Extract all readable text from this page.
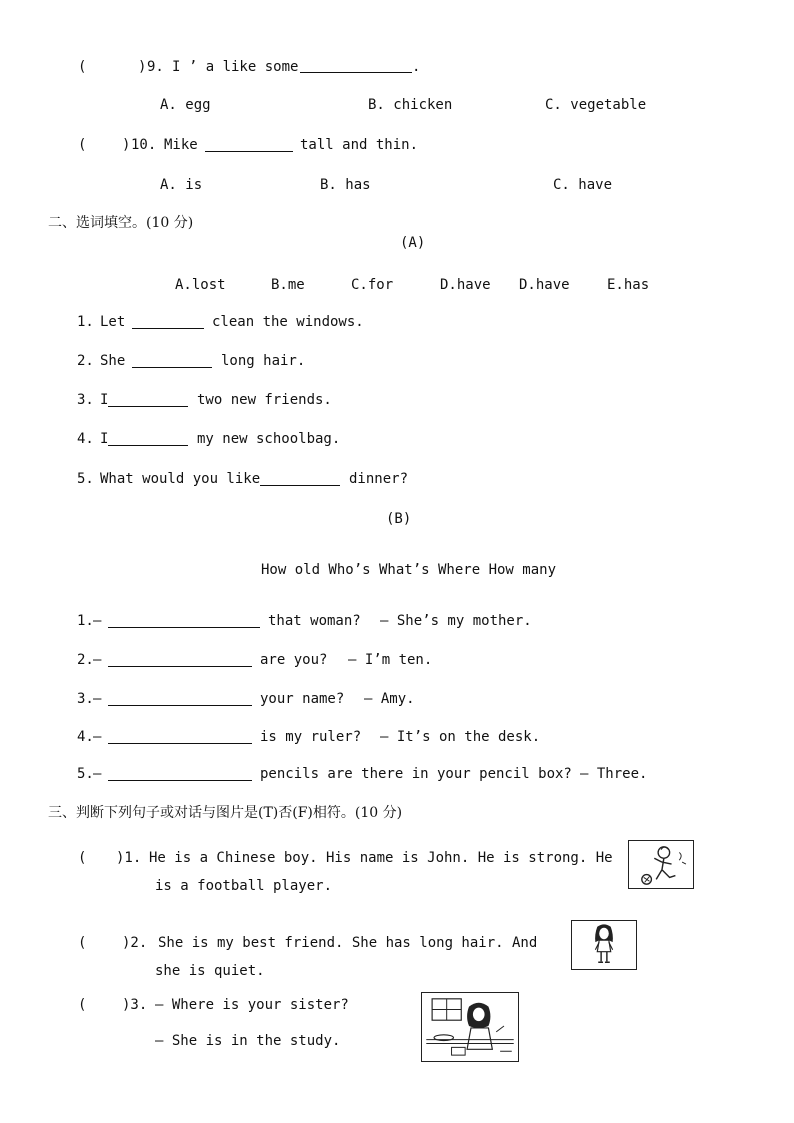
(	) 9. I ’ a like some	.
A. egg	B. chicken	C. vegetable
(	) 10. Mike	tall and thin.
A. is	B. has	C. have
二、选词填空。(10 分)
(A)
A.lost	B.me	C.for	D.have D.have	E.has
1. Let	clean the windows.
2. She	long hair.
3. I	two new friends.
4. I	my new schoolbag.
5. What would you like	dinner?
(B)
How old Who’s What’s Where How many
1. —	that woman? — She’s my mother.
2. —	are you? — I’m ten.
3. —	your name? — Amy.
4. —	is my ruler? — It’s on the desk.
5. —	pencils are there in your pencil box? — Three.
三、判断下列句子或对话与图片是(T)否(F)相符。(10 分)
( )1. He is a Chinese boy. His name is John. He is strong. He
is a football player.
(	)2. She is my best friend. She has long hair. And
she is quiet.
(	)3. — Where is your sister?
— She is in the study.
